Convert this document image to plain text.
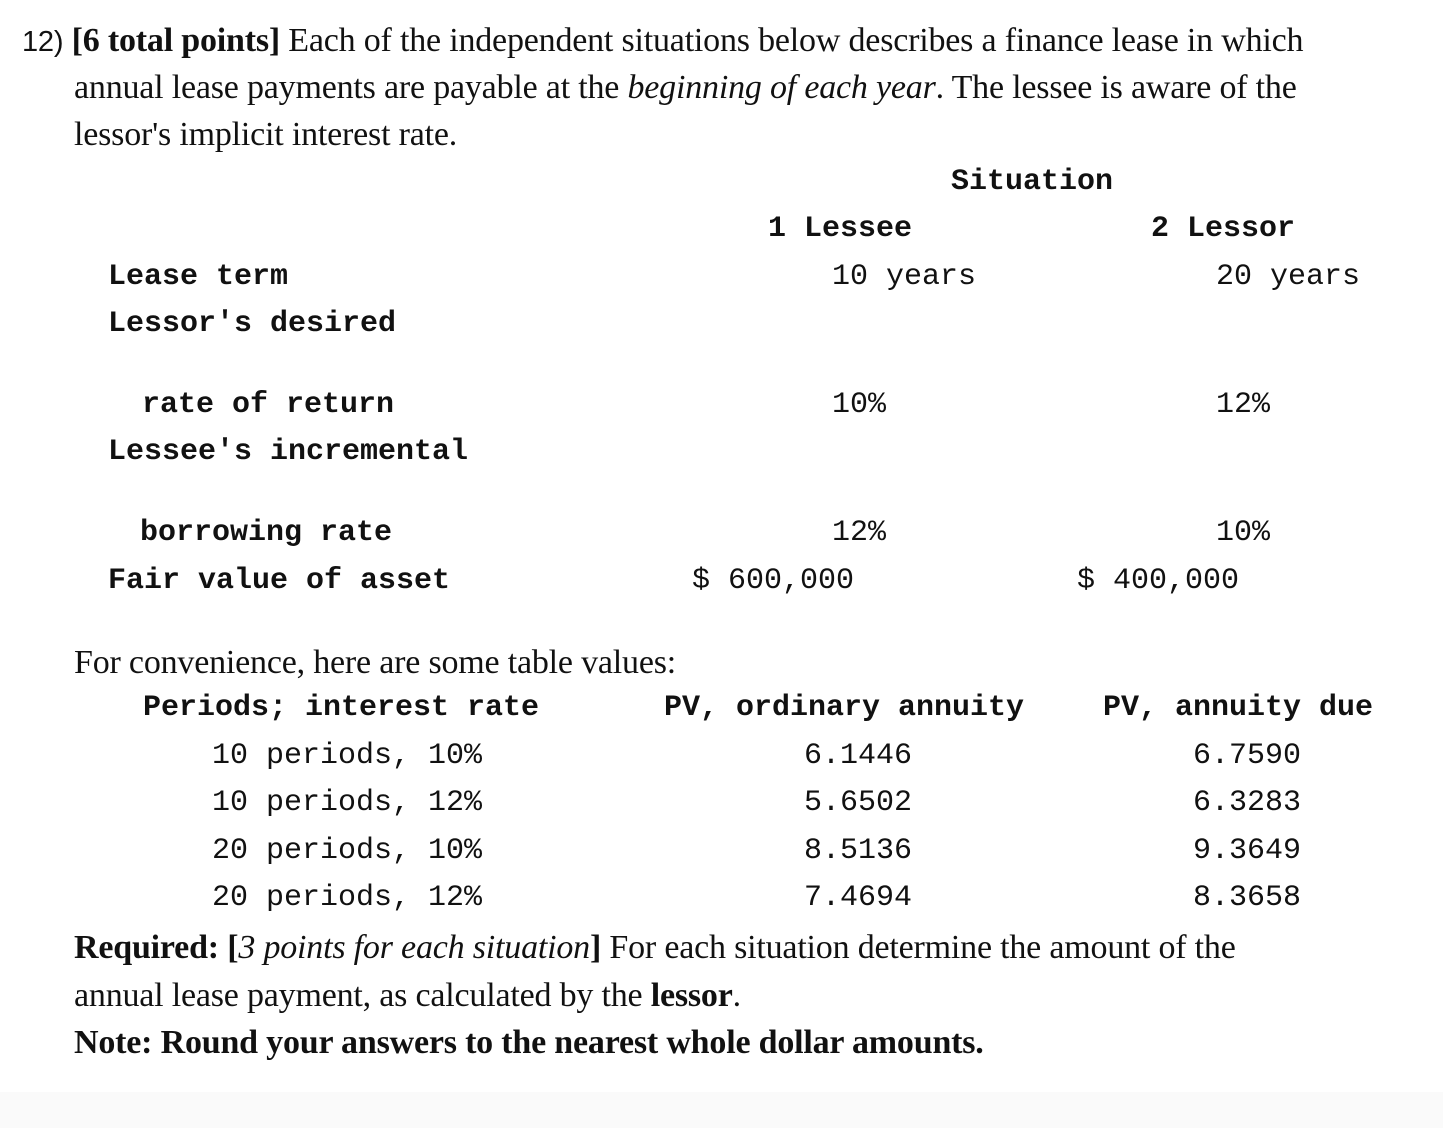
12) [6 total points] Each of the independent situations below describes a finance lease in which
annual lease payments are payable at the beginning of each year. The lessee is aware of the
lessor's implicit interest rate.
Situation
1 Lessee	2 Lessor
Lease term	10 years	20 years
Lessor's desired
rate of return	10%	12%
Lessee's incremental
borrowing rate	12%	10%
Fair value of asset	$ 600,000	$ 400,000
For convenience, here are some table values:
Periods; interest rate	PV, ordinary annuity	PV, annuity due
10 periods, 10%	6.1446	6.7590
10 periods, 12%	5.6502	6.3283
20 periods, 10%	8.5136	9.3649
20 periods, 12%	7.4694	8.3658
Required: [3 points for each situation] For each situation determine the amount of the
annual lease payment, as calculated by the lessor.
Note: Round your answers to the nearest whole dollar amounts.
